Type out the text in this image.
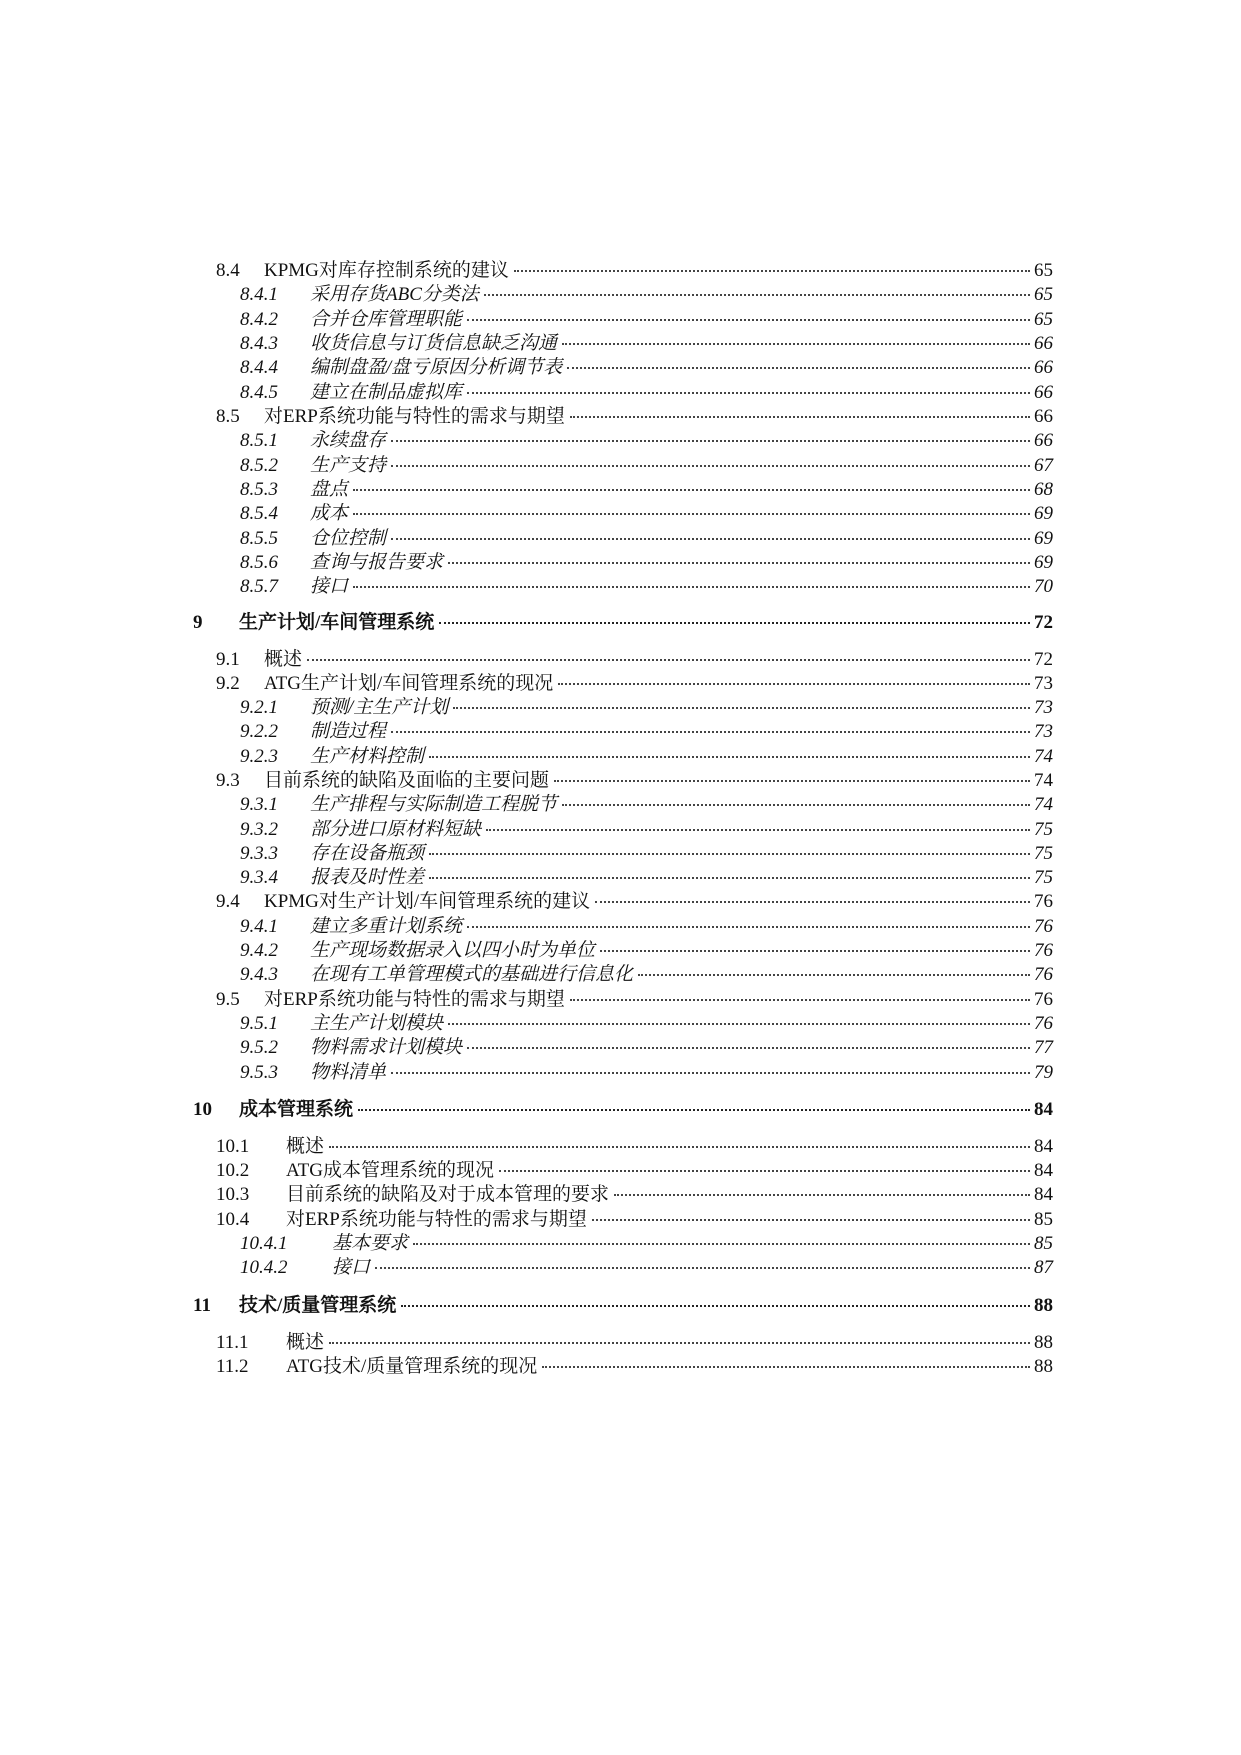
8.4	KPMG对库存控制系统的建议	65
8.4.1	采用存货ABC分类法	65
8.4.2	合并仓库管理职能	65
8.4.3	收货信息与订货信息缺乏沟通	66
8.4.4	编制盘盈/盘亏原因分析调节表	66
8.4.5	建立在制品虚拟库	66
8.5	对ERP系统功能与特性的需求与期望	66
8.5.1	永续盘存	66
8.5.2	生产支持	67
8.5.3	盘点	68
8.5.4	成本	69
8.5.5	仓位控制	69
8.5.6	查询与报告要求	69
8.5.7	接口	70
9	生产计划/车间管理系统	72
9.1	概述	72
9.2	ATG生产计划/车间管理系统的现况	73
9.2.1	预测/主生产计划	73
9.2.2	制造过程	73
9.2.3	生产材料控制	74
9.3	目前系统的缺陷及面临的主要问题	74
9.3.1	生产排程与实际制造工程脱节	74
9.3.2	部分进口原材料短缺	75
9.3.3	存在设备瓶颈	75
9.3.4	报表及时性差	75
9.4	KPMG对生产计划/车间管理系统的建议	76
9.4.1	建立多重计划系统	76
9.4.2	生产现场数据录入以四小时为单位	76
9.4.3	在现有工单管理模式的基础进行信息化	76
9.5	对ERP系统功能与特性的需求与期望	76
9.5.1	主生产计划模块	76
9.5.2	物料需求计划模块	77
9.5.3	物料清单	79
10	成本管理系统	84
10.1	概述	84
10.2	ATG成本管理系统的现况	84
10.3	目前系统的缺陷及对于成本管理的要求	84
10.4	对ERP系统功能与特性的需求与期望	85
10.4.1	基本要求	85
10.4.2	接口	87
11	技术/质量管理系统	88
11.1	概述	88
11.2	ATG技术/质量管理系统的现况	88
